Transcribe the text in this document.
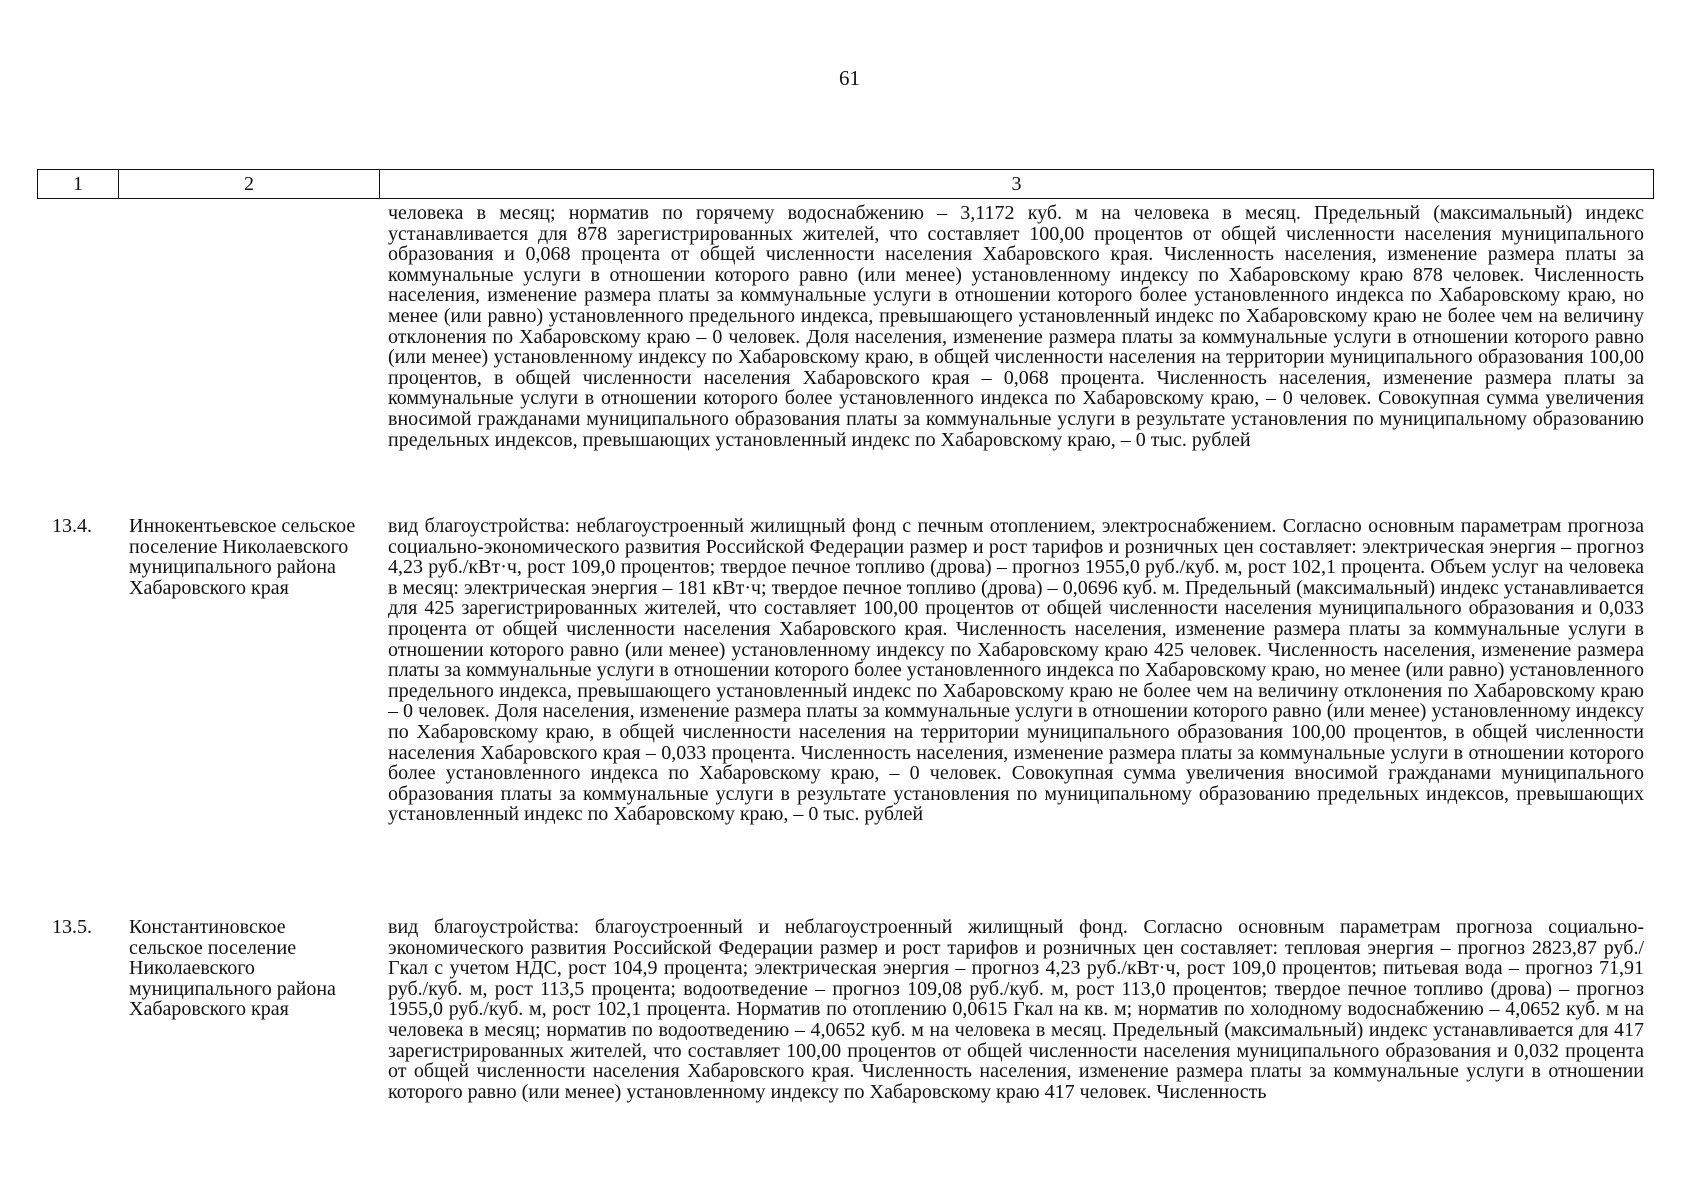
61
1	2	3
человека в месяц; норматив по горячему водоснабжению – 3,1172 куб. м на человека в месяц. Предельный (максимальный) индекс устанавливается для 878 зарегистрированных жителей, что составляет 100,00 процентов от общей численности населения муниципального образования и 0,068 процента от общей численности населения Хабаровского края. Численность населения, изменение размера платы за коммунальные услуги в отношении которого равно (или менее) установленному индексу по Хабаровскому краю 878 человек. Численность населения, изменение размера платы за коммунальные услуги в отношении которого более установленного индекса по Хабаровскому краю, но менее (или равно) установленного предельного индекса, превышающего установленный индекс по Хабаровскому краю не более чем на величину отклонения по Хабаровскому краю – 0 человек. Доля населения, изменение размера платы за коммунальные услуги в отношении которого равно (или менее) установленному индексу по Хабаровскому краю, в общей численности населения на территории муниципального образования 100,00 процентов, в общей численности населения Хабаровского края – 0,068 процента. Численность населения, изменение размера платы за коммунальные услуги в отношении которого более установленного индекса по Хабаровскому краю, – 0 человек. Совокупная сумма увеличения вносимой гражданами муниципального образования платы за коммунальные услуги в результате установления по муниципальному образованию предельных индексов, превышающих установленный индекс по Хабаровскому краю, – 0 тыс. рублей
13.4. Иннокентьевское сельское поселение Николаевского муниципального района Хабаровского края
вид благоустройства: неблагоустроенный жилищный фонд с печным отоплением, электроснабжением. Согласно основным параметрам прогноза социально-экономического развития Российской Федерации размер и рост тарифов и розничных цен составляет: электрическая энергия – прогноз 4,23 руб./кВт·ч, рост 109,0 процентов; твердое печное топливо (дрова) – прогноз 1955,0 руб./куб. м, рост 102,1 процента. Объем услуг на человека в месяц: электрическая энергия – 181 кВт·ч; твердое печное топливо (дрова) – 0,0696 куб. м. Предельный (максимальный) индекс устанавливается для 425 зарегистрированных жителей, что составляет 100,00 процентов от общей численности населения муниципального образования и 0,033 процента от общей численности населения Хабаровского края. Численность населения, изменение размера платы за коммунальные услуги в отношении которого равно (или менее) установленному индексу по Хабаровскому краю 425 человек. Численность населения, изменение размера платы за коммунальные услуги в отношении которого более установленного индекса по Хабаровскому краю, но менее (или равно) установленного предельного индекса, превышающего установленный индекс по Хабаровскому краю не более чем на величину отклонения по Хабаровскому краю – 0 человек. Доля населения, изменение размера платы за коммунальные услуги в отношении которого равно (или менее) установленному индексу по Хабаровскому краю, в общей численности населения на территории муниципального образования 100,00 процентов, в общей численности населения Хабаровского края – 0,033 процента. Численность населения, изменение размера платы за коммунальные услуги в отношении которого более установленного индекса по Хабаровскому краю, – 0 человек. Совокупная сумма увеличения вносимой гражданами муниципального образования платы за коммунальные услуги в результате установления по муниципальному образованию предельных индексов, превышающих установленный индекс по Хабаровскому краю, – 0 тыс. рублей
13.5. Константиновское сельское поселение Николаевского муниципального района Хабаровского края
вид благоустройства: благоустроенный и неблагоустроенный жилищный фонд. Согласно основным параметрам прогноза социально-экономического развития Российской Федерации размер и рост тарифов и розничных цен составляет: тепловая энергия – прогноз 2823,87 руб./Гкал с учетом НДС, рост 104,9 процента; электрическая энергия – прогноз 4,23 руб./кВт·ч, рост 109,0 процентов; питьевая вода – прогноз 71,91 руб./куб. м, рост 113,5 процента; водоотведение – прогноз 109,08 руб./куб. м, рост 113,0 процентов; твердое печное топливо (дрова) – прогноз 1955,0 руб./куб. м, рост 102,1 процента. Норматив по отоплению 0,0615 Гкал на кв. м; норматив по холодному водоснабжению – 4,0652 куб. м на человека в месяц; норматив по водоотведению – 4,0652 куб. м на человека в месяц. Предельный (максимальный) индекс устанавливается для 417 зарегистрированных жителей, что составляет 100,00 процентов от общей численности населения муниципального образования и 0,032 процента от общей численности населения Хабаровского края. Численность населения, изменение размера платы за коммунальные услуги в отношении которого равно (или менее) установленному индексу по Хабаровскому краю 417 человек. Численность
